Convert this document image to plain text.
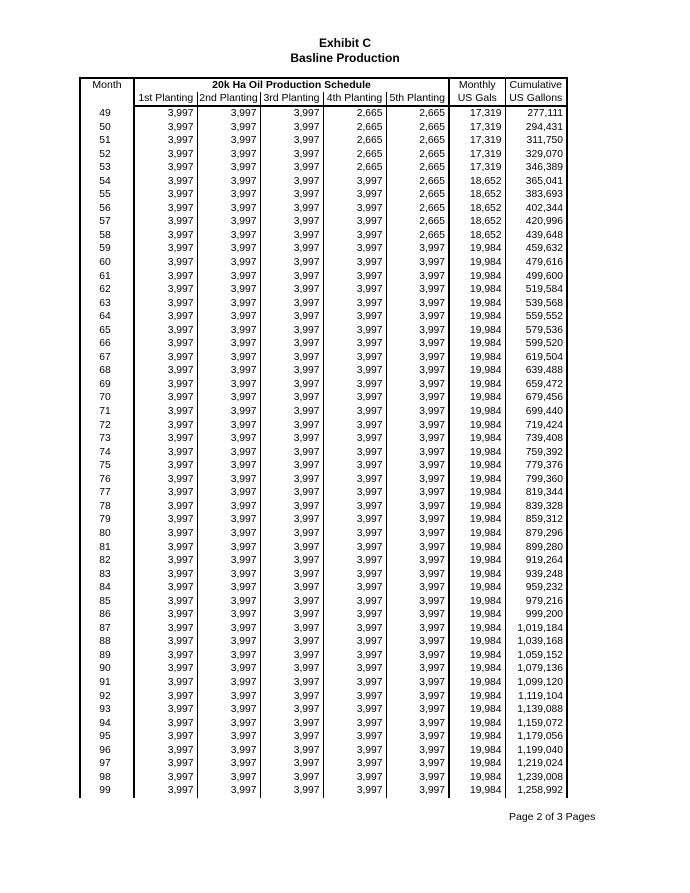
Exhibit C
Basline Production
Month	20k Ha Oil Production Schedule					Monthly	Cumulative
	1st Planting	2nd Planting	3rd Planting	4th Planting	5th Planting	US Gals	US Gallons
49	3,997	3,997	3,997	2,665	2,665	17,319	277,111
50	3,997	3,997	3,997	2,665	2,665	17,319	294,431
51	3,997	3,997	3,997	2,665	2,665	17,319	311,750
52	3,997	3,997	3,997	2,665	2,665	17,319	329,070
53	3,997	3,997	3,997	2,665	2,665	17,319	346,389
54	3,997	3,997	3,997	3,997	2,665	18,652	365,041
55	3,997	3,997	3,997	3,997	2,665	18,652	383,693
56	3,997	3,997	3,997	3,997	2,665	18,652	402,344
57	3,997	3,997	3,997	3,997	2,665	18,652	420,996
58	3,997	3,997	3,997	3,997	2,665	18,652	439,648
59	3,997	3,997	3,997	3,997	3,997	19,984	459,632
60	3,997	3,997	3,997	3,997	3,997	19,984	479,616
61	3,997	3,997	3,997	3,997	3,997	19,984	499,600
62	3,997	3,997	3,997	3,997	3,997	19,984	519,584
63	3,997	3,997	3,997	3,997	3,997	19,984	539,568
64	3,997	3,997	3,997	3,997	3,997	19,984	559,552
65	3,997	3,997	3,997	3,997	3,997	19,984	579,536
66	3,997	3,997	3,997	3,997	3,997	19,984	599,520
67	3,997	3,997	3,997	3,997	3,997	19,984	619,504
68	3,997	3,997	3,997	3,997	3,997	19,984	639,488
69	3,997	3,997	3,997	3,997	3,997	19,984	659,472
70	3,997	3,997	3,997	3,997	3,997	19,984	679,456
71	3,997	3,997	3,997	3,997	3,997	19,984	699,440
72	3,997	3,997	3,997	3,997	3,997	19,984	719,424
73	3,997	3,997	3,997	3,997	3,997	19,984	739,408
74	3,997	3,997	3,997	3,997	3,997	19,984	759,392
75	3,997	3,997	3,997	3,997	3,997	19,984	779,376
76	3,997	3,997	3,997	3,997	3,997	19,984	799,360
77	3,997	3,997	3,997	3,997	3,997	19,984	819,344
78	3,997	3,997	3,997	3,997	3,997	19,984	839,328
79	3,997	3,997	3,997	3,997	3,997	19,984	859,312
80	3,997	3,997	3,997	3,997	3,997	19,984	879,296
81	3,997	3,997	3,997	3,997	3,997	19,984	899,280
82	3,997	3,997	3,997	3,997	3,997	19,984	919,264
83	3,997	3,997	3,997	3,997	3,997	19,984	939,248
84	3,997	3,997	3,997	3,997	3,997	19,984	959,232
85	3,997	3,997	3,997	3,997	3,997	19,984	979,216
86	3,997	3,997	3,997	3,997	3,997	19,984	999,200
87	3,997	3,997	3,997	3,997	3,997	19,984	1,019,184
88	3,997	3,997	3,997	3,997	3,997	19,984	1,039,168
89	3,997	3,997	3,997	3,997	3,997	19,984	1,059,152
90	3,997	3,997	3,997	3,997	3,997	19,984	1,079,136
91	3,997	3,997	3,997	3,997	3,997	19,984	1,099,120
92	3,997	3,997	3,997	3,997	3,997	19,984	1,119,104
93	3,997	3,997	3,997	3,997	3,997	19,984	1,139,088
94	3,997	3,997	3,997	3,997	3,997	19,984	1,159,072
95	3,997	3,997	3,997	3,997	3,997	19,984	1,179,056
96	3,997	3,997	3,997	3,997	3,997	19,984	1,199,040
97	3,997	3,997	3,997	3,997	3,997	19,984	1,219,024
98	3,997	3,997	3,997	3,997	3,997	19,984	1,239,008
99	3,997	3,997	3,997	3,997	3,997	19,984	1,258,992
Page 2 of 3 Pages
